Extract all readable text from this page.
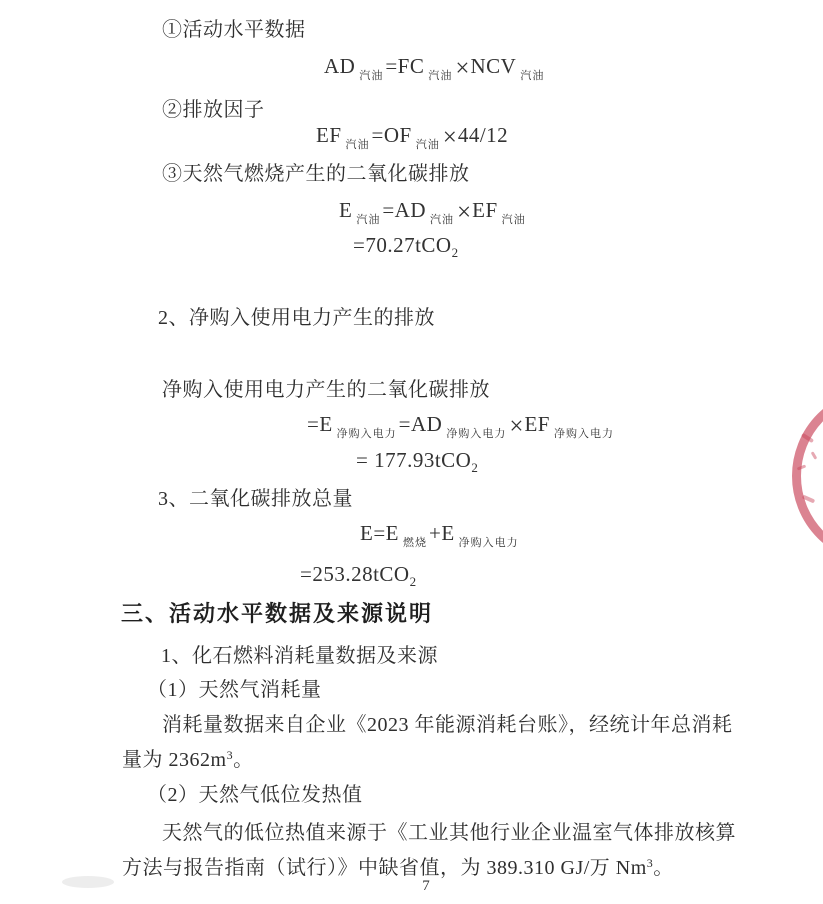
①活动水平数据
AD $_{汽油}$=FC $_{汽油}$ ×NCV $_{汽油}$
②排放因子
EF $_{汽油}$=OF $_{汽油}$ ×44/12
③天然气燃烧产生的二氧化碳排放
E $_{汽油}$=AD $_{汽油}$ ×EF $_{汽油}$
=70.27tCO$_2$
2、净购入使用电力产生的排放
净购入使用电力产生的二氧化碳排放
=E $_{净购入电力}$=AD $_{净购入电力}$ ×EF $_{净购入电力}$
= 177.93tCO$_2$
3、二氧化碳排放总量
E=E $_{燃烧}$+E $_{净购入电力}$
=253.28tCO$_2$
三、活动水平数据及来源说明
1、化石燃料消耗量数据及来源
（1）天然气消耗量
消耗量数据来自企业《2023 年能源消耗台账》，经统计年总消耗
量为 $2362m^3$。
（2）天然气低位发热值
天然气的低位热值来源于《工业其他行业企业温室气体排放核算
方法与报告指南（试行）》中缺省值，为 389.310 GJ/万 Nm$^3$。
7
